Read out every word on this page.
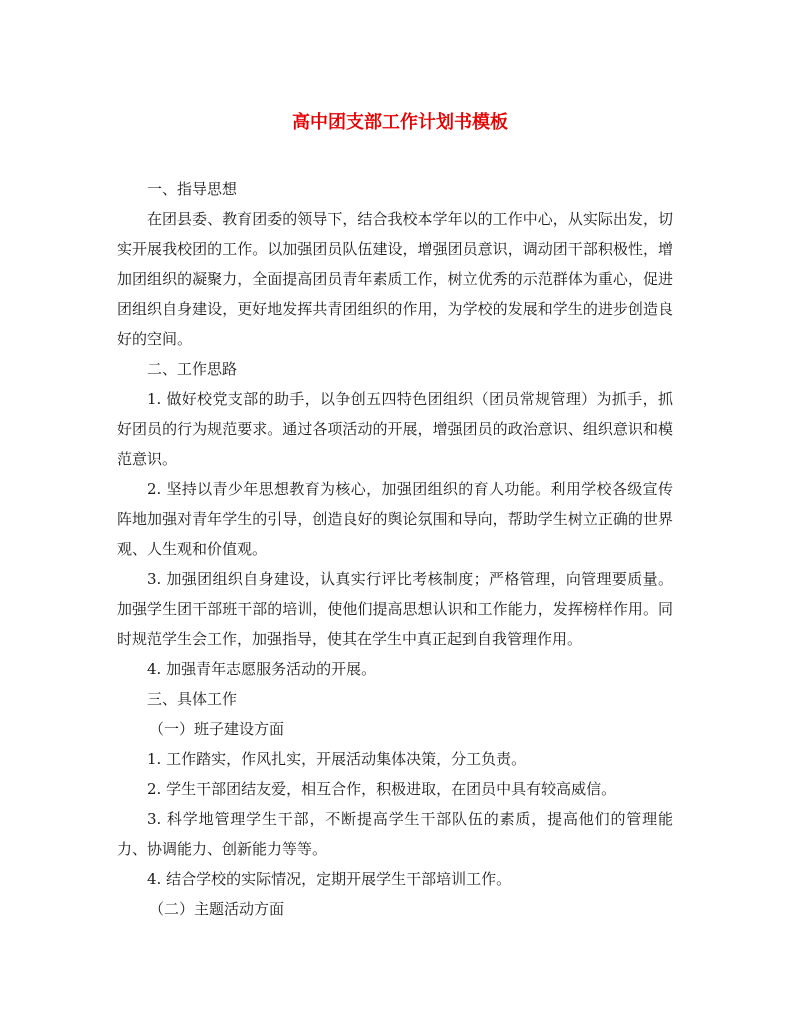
高中团支部工作计划书模板

一、指导思想

在团县委、教育团委的领导下，结合我校本学年以的工作中心，从实际出发，切实开展我校团的工作。以加强团员队伍建设，增强团员意识，调动团干部积极性，增加团组织的凝聚力，全面提高团员青年素质工作，树立优秀的示范群体为重心，促进团组织自身建设，更好地发挥共青团组织的作用，为学校的发展和学生的进步创造良好的空间。

二、工作思路

1. 做好校党支部的助手，以争创五四特色团组织（团员常规管理）为抓手，抓好团员的行为规范要求。通过各项活动的开展，增强团员的政治意识、组织意识和模范意识。

2. 坚持以青少年思想教育为核心，加强团组织的育人功能。利用学校各级宣传阵地加强对青年学生的引导，创造良好的舆论氛围和导向，帮助学生树立正确的世界观、人生观和价值观。

3. 加强团组织自身建设，认真实行评比考核制度；严格管理，向管理要质量。加强学生团干部班干部的培训，使他们提高思想认识和工作能力，发挥榜样作用。同时规范学生会工作，加强指导，使其在学生中真正起到自我管理作用。

4. 加强青年志愿服务活动的开展。

三、具体工作

（一）班子建设方面

1. 工作踏实，作风扎实，开展活动集体决策，分工负责。

2. 学生干部团结友爱，相互合作，积极进取，在团员中具有较高威信。

3. 科学地管理学生干部，不断提高学生干部队伍的素质，提高他们的管理能力、协调能力、创新能力等等。

4. 结合学校的实际情况，定期开展学生干部培训工作。

（二）主题活动方面
